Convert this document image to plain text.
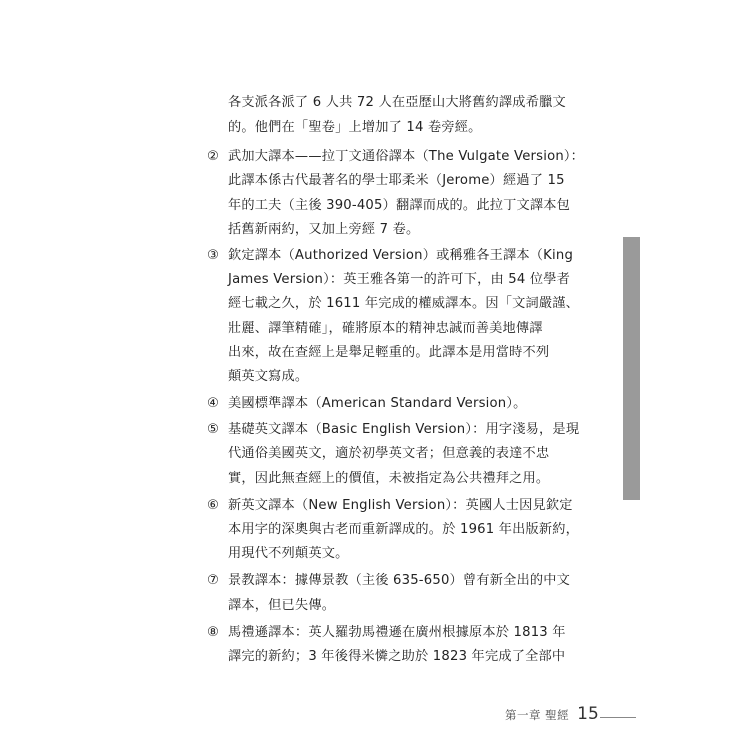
各支派各派了 6 人共 72 人在亞歷山大將舊約譯成希臘文
的。他們在「聖卷」上增加了 14 卷旁經。
② 武加大譯本——拉丁文通俗譯本（The Vulgate Version）：
此譯本係古代最著名的學士耶柔米（Jerome）經過了 15
年的工夫（主後 390-405）翻譯而成的。此拉丁文譯本包
括舊新兩約，又加上旁經 7 卷。
③ 欽定譯本（Authorized Version）或稱雅各王譯本（King
James Version）：英王雅各第一的許可下，由 54 位學者
經七載之久，於 1611 年完成的權威譯本。因「文詞嚴謹、
壯麗、譯筆精確」，確將原本的精神忠誠而善美地傳譯
出來，故在查經上是舉足輕重的。此譯本是用當時不列
顛英文寫成。
④ 美國標準譯本（American Standard Version）。
⑤ 基礎英文譯本（Basic English Version）：用字淺易，是現
代通俗美國英文，適於初學英文者；但意義的表達不忠
實，因此無查經上的價值，未被指定為公共禮拜之用。
⑥ 新英文譯本（New English Version）：英國人士因見欽定
本用字的深奧與古老而重新譯成的。於 1961 年出版新約，
用現代不列顛英文。
⑦ 景教譯本：據傳景教（主後 635-650）曾有新全出的中文
譯本，但已失傳。
⑧ 馬禮遜譯本：英人羅勃馬禮遜在廣州根據原本於 1813 年
譯完的新約；3 年後得米憐之助於 1823 年完成了全部中
第一章 聖經 15
